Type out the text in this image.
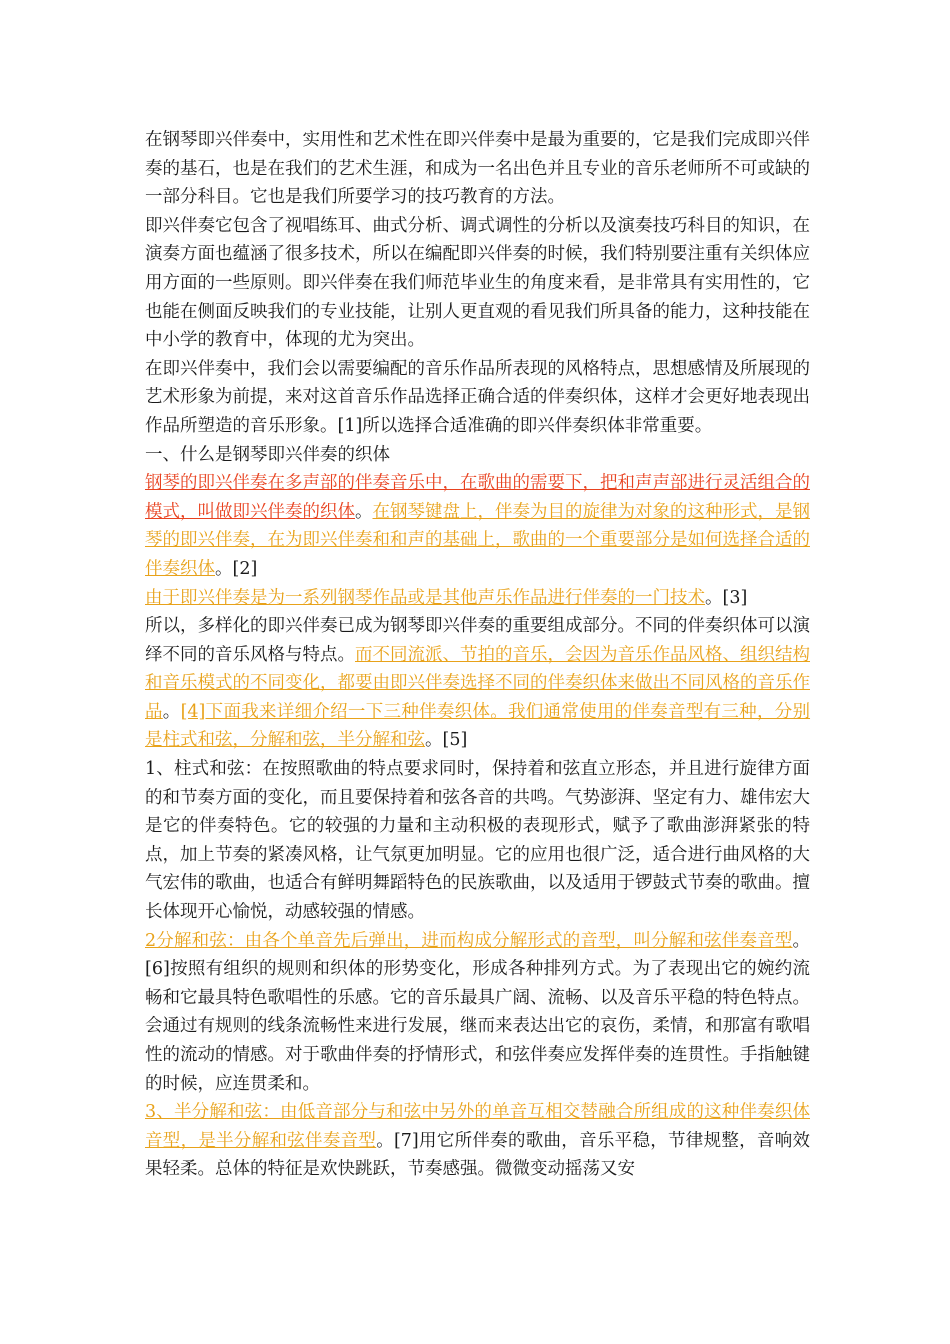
在钢琴即兴伴奏中，实用性和艺术性在即兴伴奏中是最为重要的，它是我们完成即兴伴奏的基石，也是在我们的艺术生涯，和成为一名出色并且专业的音乐老师所不可或缺的一部分科目。它也是我们所要学习的技巧教育的方法。

即兴伴奏它包含了视唱练耳、曲式分析、调式调性的分析以及演奏技巧科目的知识，在演奏方面也蕴涵了很多技术，所以在编配即兴伴奏的时候，我们特别要注重有关织体应用方面的一些原则。即兴伴奏在我们师范毕业生的角度来看，是非常具有实用性的，它也能在侧面反映我们的专业技能，让别人更直观的看见我们所具备的能力，这种技能在中小学的教育中，体现的尤为突出。

在即兴伴奏中，我们会以需要编配的音乐作品所表现的风格特点，思想感情及所展现的艺术形象为前提，来对这首音乐作品选择正确合适的伴奏织体，这样才会更好地表现出作品所塑造的音乐形象。[1]所以选择合适准确的即兴伴奏织体非常重要。

一、什么是钢琴即兴伴奏的织体

钢琴的即兴伴奏在多声部的伴奏音乐中，在歌曲的需要下，把和声声部进行灵活组合的模式，叫做即兴伴奏的织体。在钢琴键盘上，伴奏为目的旋律为对象的这种形式，是钢琴的即兴伴奏，在为即兴伴奏和和声的基础上，歌曲的一个重要部分是如何选择合适的伴奏织体。[2]

由于即兴伴奏是为一系列钢琴作品或是其他声乐作品进行伴奏的一门技术。[3]

所以，多样化的即兴伴奏已成为钢琴即兴伴奏的重要组成部分。不同的伴奏织体可以演绎不同的音乐风格与特点。而不同流派、节拍的音乐，会因为音乐作品风格、组织结构和音乐模式的不同变化，都要由即兴伴奏选择不同的伴奏织体来做出不同风格的音乐作品。[4]下面我来详细介绍一下三种伴奏织体。我们通常使用的伴奏音型有三种，分别是柱式和弦，分解和弦，半分解和弦。[5]

1、柱式和弦：在按照歌曲的特点要求同时，保持着和弦直立形态，并且进行旋律方面的和节奏方面的变化，而且要保持着和弦各音的共鸣。气势澎湃、坚定有力、雄伟宏大是它的伴奏特色。它的较强的力量和主动积极的表现形式，赋予了歌曲澎湃紧张的特点，加上节奏的紧凑风格，让气氛更加明显。它的应用也很广泛，适合进行曲风格的大气宏伟的歌曲，也适合有鲜明舞蹈特色的民族歌曲，以及适用于锣鼓式节奏的歌曲。擅长体现开心愉悦，动感较强的情感。

2分解和弦：由各个单音先后弹出，进而构成分解形式的音型，叫分解和弦伴奏音型。[6]按照有组织的规则和织体的形势变化，形成各种排列方式。为了表现出它的婉约流畅和它最具特色歌唱性的乐感。它的音乐最具广阔、流畅、以及音乐平稳的特色特点。会通过有规则的线条流畅性来进行发展，继而来表达出它的哀伤，柔情，和那富有歌唱性的流动的情感。对于歌曲伴奏的抒情形式，和弦伴奏应发挥伴奏的连贯性。手指触键的时候，应连贯柔和。

3、半分解和弦：由低音部分与和弦中另外的单音互相交替融合所组成的这种伴奏织体音型，是半分解和弦伴奏音型。[7]用它所伴奏的歌曲，音乐平稳，节律规整，音响效果轻柔。总体的特征是欢快跳跃，节奏感强。微微变动摇荡又安
